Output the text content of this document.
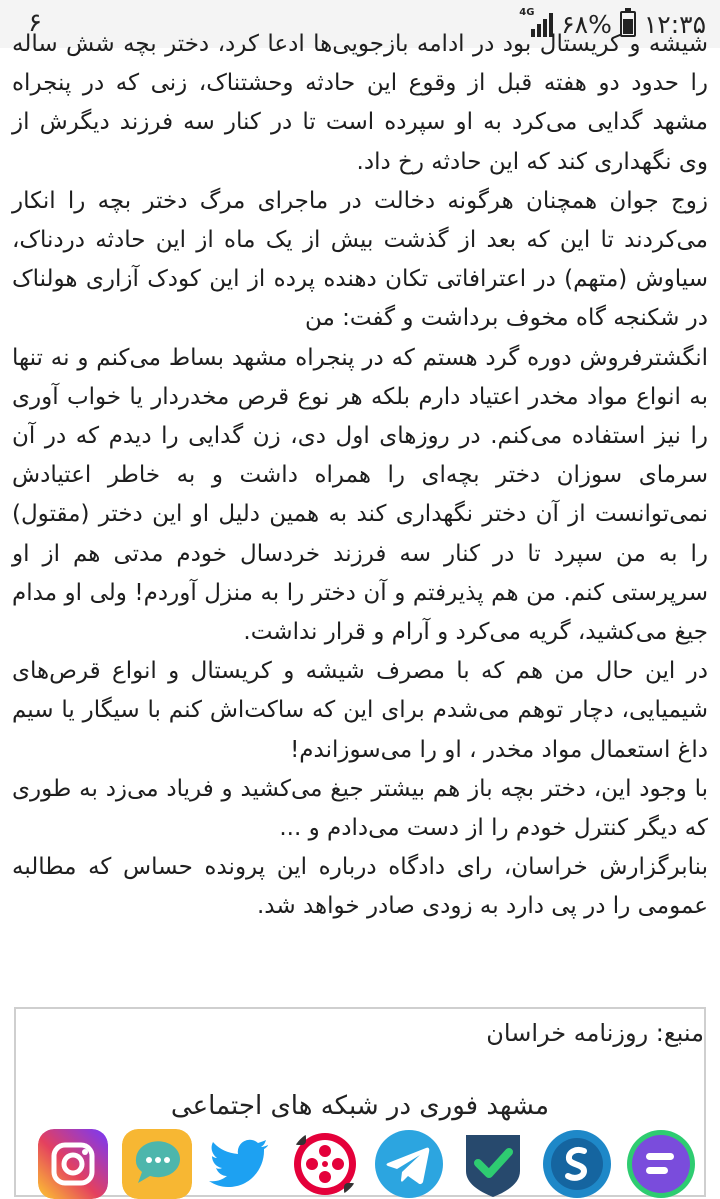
۶	4G ۶۸% ۱۲:۳۵

شیشه و کریستال بود در ادامه بازجویی‌ها ادعا کرد، دختر بچه شش ساله را حدود دو هفته قبل از وقوع این حادثه وحشتناک، زنی که در پنجراه مشهد گدایی می‌کرد به او سپرده است تا در کنار سه فرزند دیگرش از وی نگهداری کند که این حادثه رخ داد.

زوج جوان همچنان هرگونه دخالت در ماجرای مرگ دختر بچه را انکار می‌کردند تا این که بعد از گذشت بیش از یک ماه از این حادثه دردناک، سیاوش (متهم) در اعترافاتی تکان دهنده پرده از این کودک آزاری هولناک در شکنجه گاه مخوف برداشت و گفت: من

انگشترفروش دوره گرد هستم که در پنجراه مشهد بساط می‌کنم و نه تنها به انواع مواد مخدر اعتیاد دارم بلکه هر نوع قرص مخدردار یا خواب آوری را نیز استفاده می‌کنم. در روزهای اول دی، زن گدایی را دیدم که در آن سرمای سوزان دختر بچه‌ای را همراه داشت و به خاطر اعتیادش نمی‌توانست از آن دختر نگهداری کند به همین دلیل او این دختر (مقتول) را به من سپرد تا در کنار سه فرزند خردسال خودم مدتی هم از او سرپرستی کنم. من هم پذیرفتم و آن دختر را به منزل آوردم! ولی او مدام جیغ می‌کشید، گریه می‌کرد و آرام و قرار نداشت.

در این حال من هم که با مصرف شیشه و کریستال و انواع قرص‌های شیمیایی، دچار توهم می‌شدم برای این که ساکت‌اش کنم با سیگار یا سیم داغ استعمال مواد مخدر ، او را می‌سوزاندم!

با وجود این، دختر بچه باز هم بیشتر جیغ می‌کشید و فریاد می‌زد به طوری که دیگر کنترل خودم را از دست می‌دادم و ...

بنابرگزارش خراسان، رای دادگاه درباره این پرونده حساس که مطالبه عمومی را در پی دارد به زودی صادر خواهد شد.

منبع: روزنامه خراسان
مشهد فوری در شبکه های اجتماعی
